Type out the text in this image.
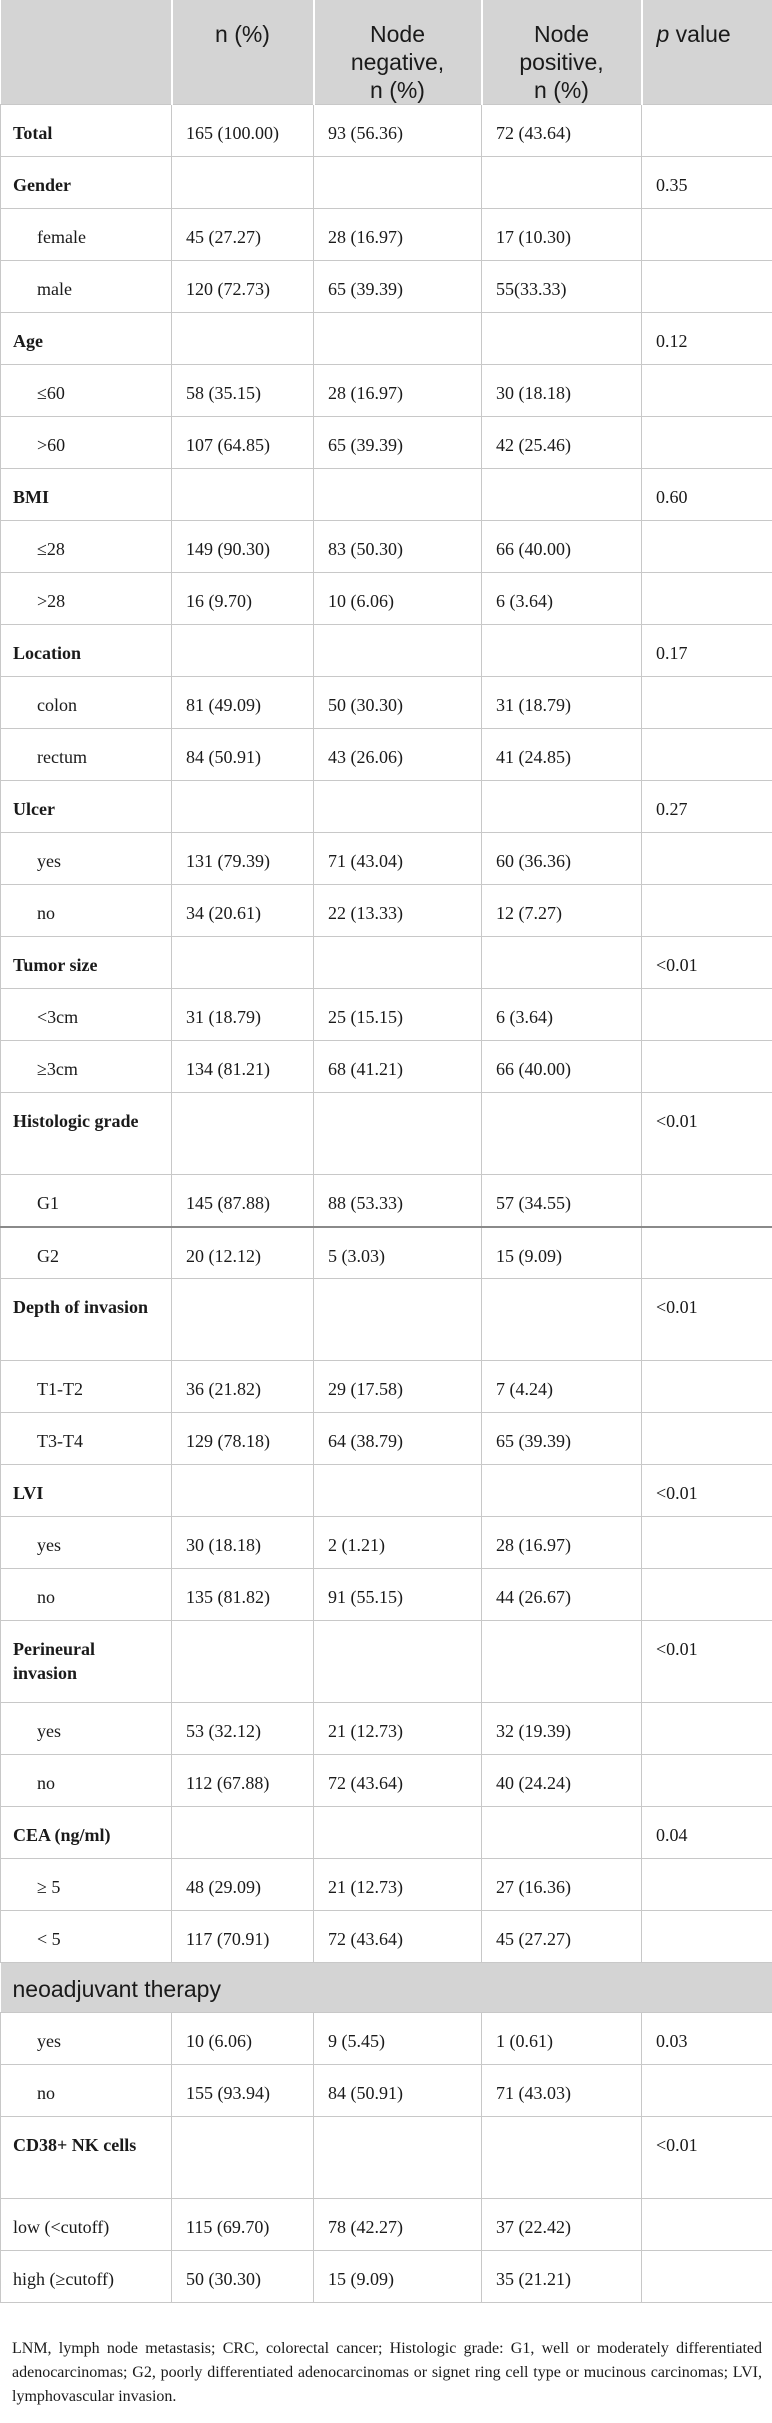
	n (%)	Node
negative,
n (%)	Node
positive,
n (%)	p value
Total	165 (100.00)	93 (56.36)	72 (43.64)	
Gender				0.35
female	45 (27.27)	28 (16.97)	17 (10.30)	
male	120 (72.73)	65 (39.39)	55(33.33)	
Age				0.12
≤60	58 (35.15)	28 (16.97)	30 (18.18)	
>60	107 (64.85)	65 (39.39)	42 (25.46)	
BMI				0.60
≤28	149 (90.30)	83 (50.30)	66 (40.00)	
>28	16 (9.70)	10 (6.06)	6 (3.64)	
Location				0.17
colon	81 (49.09)	50 (30.30)	31 (18.79)	
rectum	84 (50.91)	43 (26.06)	41 (24.85)	
Ulcer				0.27
yes	131 (79.39)	71 (43.04)	60 (36.36)	
no	34 (20.61)	22 (13.33)	12 (7.27)	
Tumor size				<0.01
<3cm	31 (18.79)	25 (15.15)	6 (3.64)	
≥3cm	134 (81.21)	68 (41.21)	66 (40.00)	
Histologic grade				<0.01
G1	145 (87.88)	88 (53.33)	57 (34.55)	
G2	20 (12.12)	5 (3.03)	15 (9.09)	
Depth of invasion				<0.01
T1-T2	36 (21.82)	29 (17.58)	7 (4.24)	
T3-T4	129 (78.18)	64 (38.79)	65 (39.39)	
LVI				<0.01
yes	30 (18.18)	2 (1.21)	28 (16.97)	
no	135 (81.82)	91 (55.15)	44 (26.67)	
Perineural invasion				<0.01
yes	53 (32.12)	21 (12.73)	32 (19.39)	
no	112 (67.88)	72 (43.64)	40 (24.24)	
CEA (ng/ml)				0.04
≥ 5	48 (29.09)	21 (12.73)	27 (16.36)	
< 5	117 (70.91)	72 (43.64)	45 (27.27)	
neoadjuvant therapy				
yes	10 (6.06)	9 (5.45)	1 (0.61)	0.03
no	155 (93.94)	84 (50.91)	71 (43.03)	
CD38+ NK cells				<0.01
low (<cutoff)	115 (69.70)	78 (42.27)	37 (22.42)	
high (≥cutoff)	50 (30.30)	15 (9.09)	35 (21.21)	
LNM, lymph node metastasis; CRC, colorectal cancer; Histologic grade: G1, well or moderately differentiated adenocarcinomas; G2, poorly differentiated adenocarcinomas or signet ring cell type or mucinous carcinomas; LVI, lymphovascular invasion.
